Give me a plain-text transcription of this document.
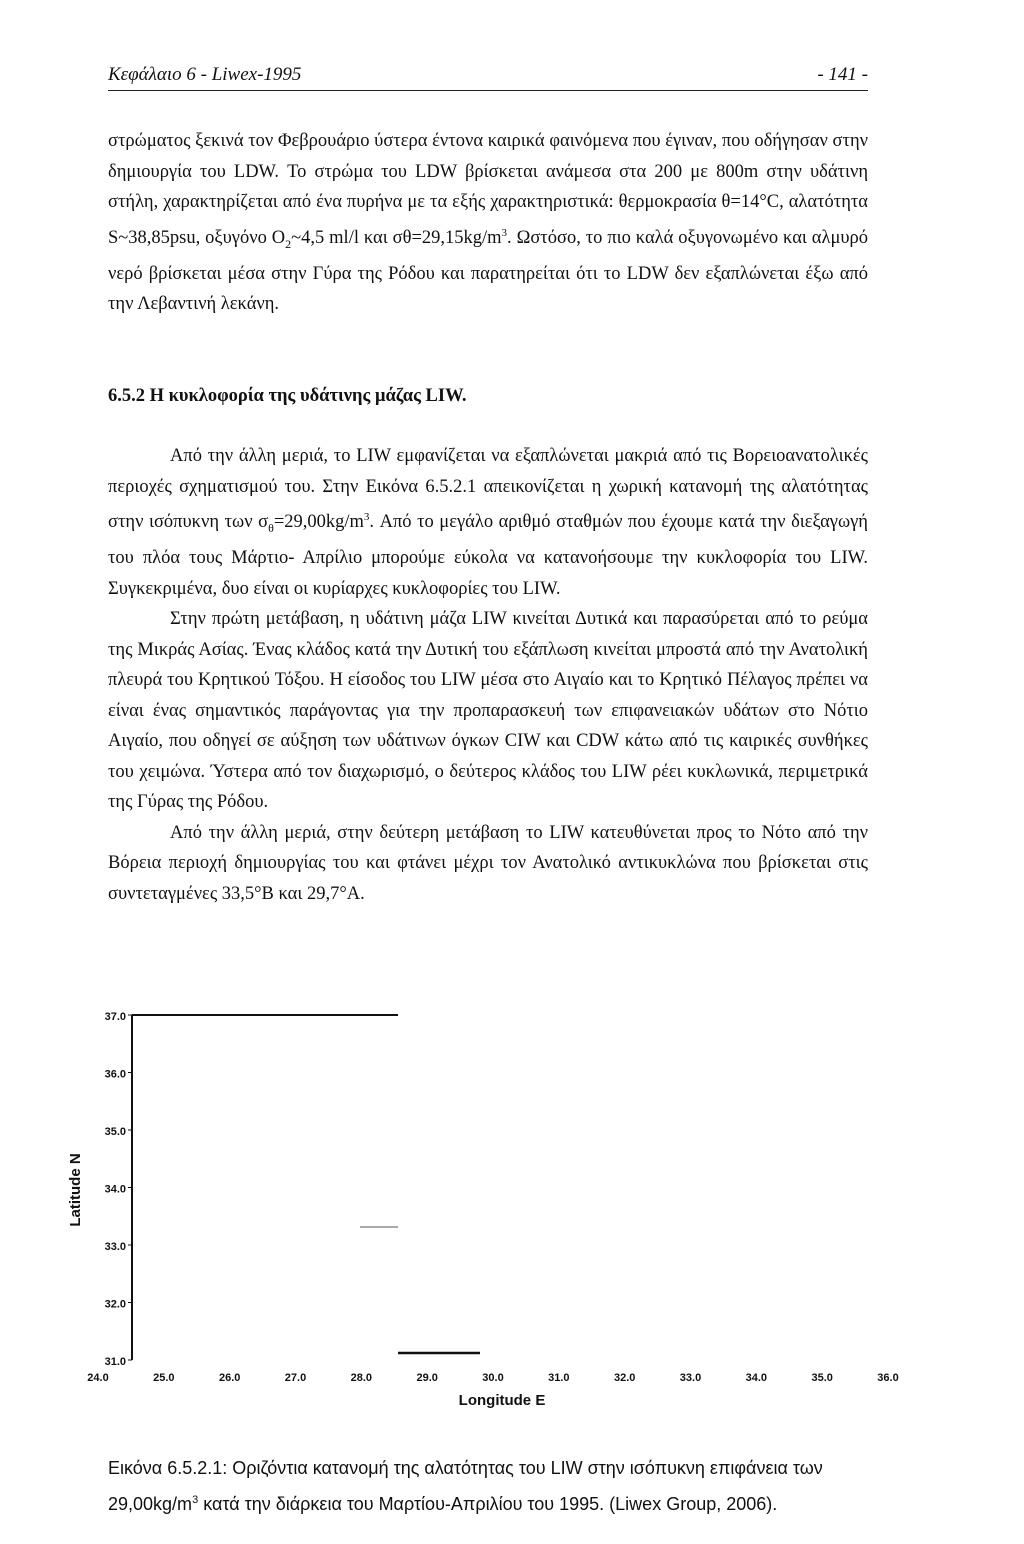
Κεφάλαιο 6 - Liwex-1995	- 141 -

στρώματος ξεκινά τον Φεβρουάριο ύστερα έντονα καιρικά φαινόμενα που έγιναν, που οδήγησαν στην δημιουργία του LDW. Το στρώμα του LDW βρίσκεται ανάμεσα στα 200 με 800m στην υδάτινη στήλη, χαρακτηρίζεται από ένα πυρήνα με τα εξής χαρακτηριστικά: θερμοκρασία θ=14°C, αλατότητα S~38,85psu, οξυγόνο $O_2\sim 4,5$ ml/l και $\sigma\theta=29,15kg/m^3$. Ωστόσο, το πιο καλά οξυγονωμένο και αλμυρό νερό βρίσκεται μέσα στην Γύρα της Ρόδου και παρατηρείται ότι το LDW δεν εξαπλώνεται έξω από την Λεβαντινή λεκάνη.

6.5.2 Η κυκλοφορία της υδάτινης μάζας LIW.

Από την άλλη μεριά, το LIW εμφανίζεται να εξαπλώνεται μακριά από τις Βορειοανατολικές περιοχές σχηματισμού του. Στην Εικόνα 6.5.2.1 απεικονίζεται η χωρική κατανομή της αλατότητας στην ισόπυκνη των $\sigma_\theta=29,00kg/m^3$. Από το μεγάλο αριθμό σταθμών που έχουμε κατά την διεξαγωγή του πλόα τους Μάρτιο- Απρίλιο μπορούμε εύκολα να κατανοήσουμε την κυκλοφορία του LIW. Συγκεκριμένα, δυο είναι οι κυρίαρχες κυκλοφορίες του LIW.

Στην πρώτη μετάβαση, η υδάτινη μάζα LIW κινείται Δυτικά και παρασύρεται από το ρεύμα της Μικράς Ασίας. Ένας κλάδος κατά την Δυτική του εξάπλωση κινείται μπροστά από την Ανατολική πλευρά του Κρητικού Τόξου. Η είσοδος του LIW μέσα στο Αιγαίο και το Κρητικό Πέλαγος πρέπει να είναι ένας σημαντικός παράγοντας για την προπαρασκευή των επιφανειακών υδάτων στο Νότιο Αιγαίο, που οδηγεί σε αύξηση των υδάτινων όγκων CIW και CDW κάτω από τις καιρικές συνθήκες του χειμώνα. Ύστερα από τον διαχωρισμό, ο δεύτερος κλάδος του LIW ρέει κυκλωνικά, περιμετρικά της Γύρας της Ρόδου.

Από την άλλη μεριά, στην δεύτερη μετάβαση το LIW κατευθύνεται προς το Νότο από την Βόρεια περιοχή δημιουργίας του και φτάνει μέχρι τον Ανατολικό αντικυκλώνα που βρίσκεται στις συντεταγμένες 33,5°Β και 29,7°Α.

37.0
36.0
35.0
34.0
33.0
32.0
31.0
24.0	25.0	26.0	27.0	28.0	29.0	30.0	31.0	32.0	33.0	34.0	35.0	36.0
Latitude N
Longitude E

Εικόνα 6.5.2.1: Οριζόντια κατανομή της αλατότητας του LIW στην ισόπυκνη επιφάνεια των

$29,00kg/m^3$ κατά την διάρκεια του Μαρτίου-Απριλίου του 1995. (Liwex Group, 2006).
